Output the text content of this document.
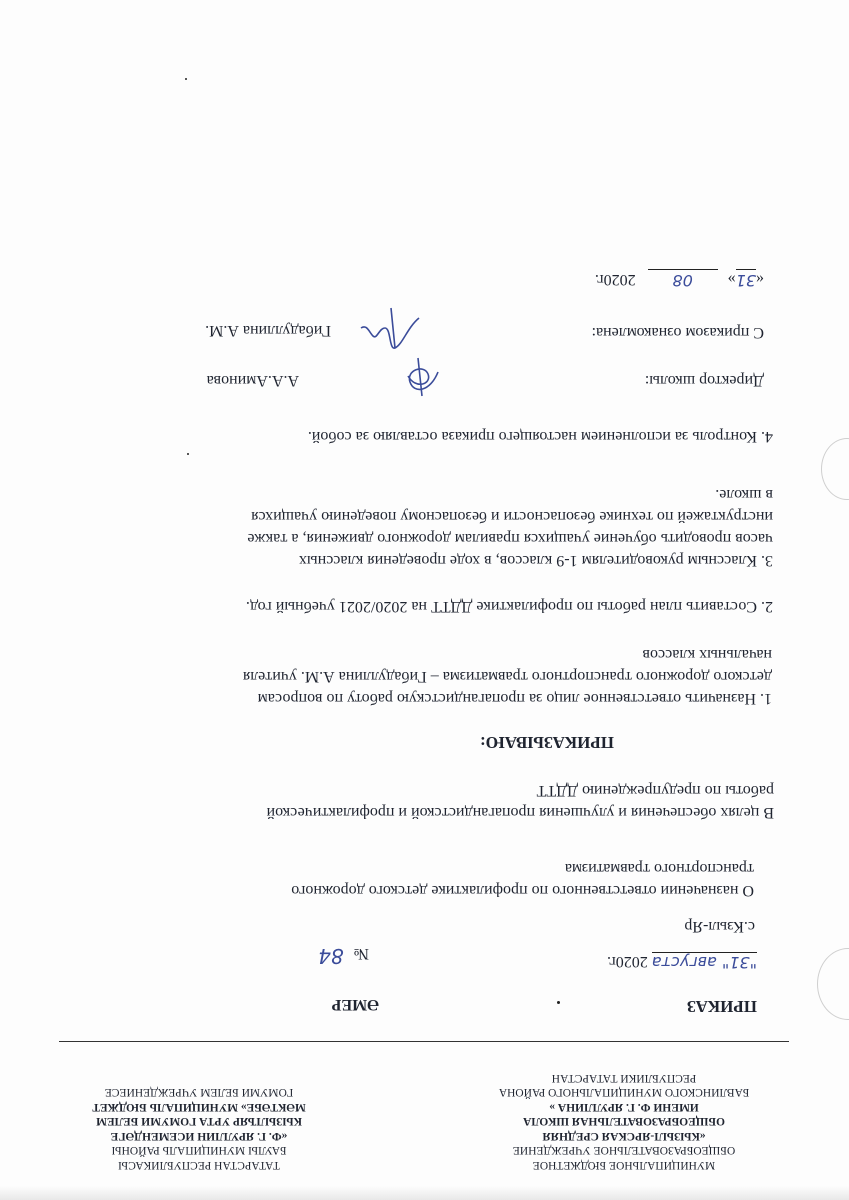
МУНИЦИПАЛЬНОЕ БЮДЖЕТНОЕ
ОБЩЕОБРАЗОВАТЕЛЬНОЕ УЧРЕЖДЕНИЕ
«КЫЗЫЛ-ЯРСКАЯ СРЕДНЯЯ
ОБЩЕОБРАЗОВАТЕЛЬНАЯ ШКОЛА
ИМЕНИ Ф. Г. ЯРУЛЛИНА »
БАВЛИНСКОГО МУНИЦИПАЛЬНОГО РАЙОНА
РЕСПУБЛИКИ ТАТАРСТАН
ТАТАРСТАН РЕСПУБЛИКАСЫ
БАУЛЫ МУНИЦИПАЛЬ РАЙОНЫ
«Ф. Г. ЯРУЛЛИН ИСЕМЕНДӘГЕ
КЫЗЫЛЪЯР УРТА ГОМУМИ БЕЛЕМ
МӘКТӘБЕ» МУНИЦИПАЛЬ БЮДЖЕТ
ГОМУМИ БЕЛЕМ УЧРЕЖДЕНИЕСЕ
ПРИКАЗ
ӘМЕР
"31" августа 2020г.
№ 84
с.Кзыл-Яр
О назначении ответственного по профилактике детского дорожного
транспортного травматизма
В целях обеспечения и улучшения пропагандистской и профилактической
работы по предупреждению ДДТТ
ПРИКАЗЫВАЮ:
1. Назначить ответственное лицо за пропагандистскую работу по вопросам
детского дорожного транспортного травматизма – Гибадуллина А.М. учителя
начальных классов
2. Составить план работы по профилактике ДДТТ на 2020/2021 учебный год.
3. Классным руководителям 1-9 классов, в ходе проведения классных
часов проводить обучение учащихся правилам дорожного движения, а также
инструктажей по технике безопасности и безопасному поведению учащихся
в школе.
4. Контроль за исполнением настоящего приказа оставляю за собой.
Директор школы:
А.А.Аминова
С приказом ознакомлена:
Гибадуллина А.М.
«31» 08 2020г.
